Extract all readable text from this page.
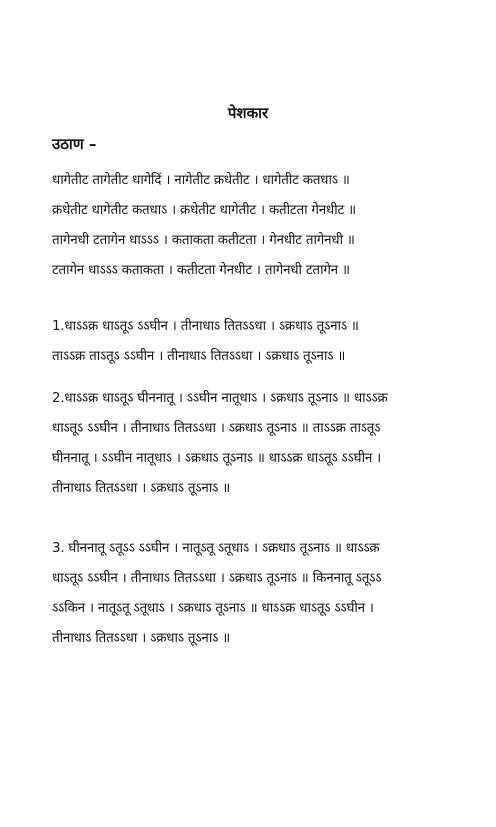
पेशकार
उठाण –
धागेतीट तागेतीट धागेदिं । नागेतीट क्रधेतीट । धागेतीट कतधाऽ ॥
क्रधेतीट धागेतीट कतधाऽ । क्रधेतीट धागेतीट । कतीटता गेनधीट ॥
तागेनधी टतागेन धाऽऽऽ । कताकता कतीटता । गेनधीट तागेनधी ॥
टतागेन धाऽऽऽ कताकता । कतीटता गेनधीट । तागेनधी टतागेन ॥
1.धाऽऽक्र धाऽतूऽ ऽऽघीन । तीनाधाऽ तितऽऽधा । ऽक्रधाऽ तूऽनाऽ ॥
ताऽऽक्र ताऽतूऽ ऽऽघीन । तीनाधाऽ तितऽऽधा । ऽक्रधाऽ तूऽनाऽ ॥
2.धाऽऽक्र धाऽतूऽ घीननातू । ऽऽघीन नातूधाऽ । ऽक्रधाऽ तूऽनाऽ ॥ धाऽऽक्र
धाऽतूऽ ऽऽघीन । तीनाधाऽ तितऽऽधा । ऽक्रधाऽ तूऽनाऽ ॥ ताऽऽक्र ताऽतूऽ
घीननातू । ऽऽघीन नातूधाऽ । ऽक्रधाऽ तूऽनाऽ ॥ धाऽऽक्र धाऽतूऽ ऽऽघीन ।
तीनाधाऽ तितऽऽधा । ऽक्रधाऽ तूऽनाऽ ॥
3. घीननातू ऽतूऽऽ ऽऽघीन । नातूऽतू ऽतूधाऽ । ऽक्रधाऽ तूऽनाऽ ॥ धाऽऽक्र
धाऽतूऽ ऽऽघीन । तीनाधाऽ तितऽऽधा । ऽक्रधाऽ तूऽनाऽ ॥ किननातू ऽतूऽऽ
ऽऽकिन । नातूऽतू ऽतूधाऽ । ऽक्रधाऽ तूऽनाऽ ॥ धाऽऽक्र धाऽतूऽ ऽऽघीन ।
तीनाधाऽ तितऽऽधा । ऽक्रधाऽ तूऽनाऽ ॥
